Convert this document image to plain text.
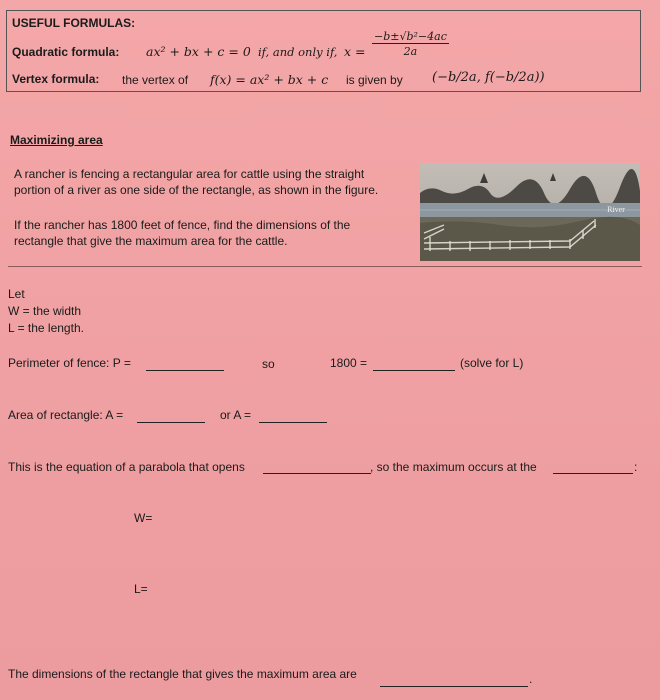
USEFUL FORMULAS:
Quadratic formula: ax² + bx + c = 0 if, and only if, $x = \frac{\text{−b±√b²−4ac}}{2a}$
Vertex formula: the vertex of f(x) = ax² + bx + c is given by (−b/2a, f(−b/2a))
Maximizing area
A rancher is fencing a rectangular area for cattle using the straight
portion of a river as one side of the rectangle, as shown in the figure.
If the rancher has 1800 feet of fence, find the dimensions of the
rectangle that give the maximum area for the cattle.
River
Let
W = the width
L = the length.
Perimeter of fence: P =	so	1800 =	(solve for L)
Area of rectangle: A =	or A =
This is the equation of a parabola that opens	, so the maximum occurs at the	:
W=
L=
The dimensions of the rectangle that gives the maximum area are	.
